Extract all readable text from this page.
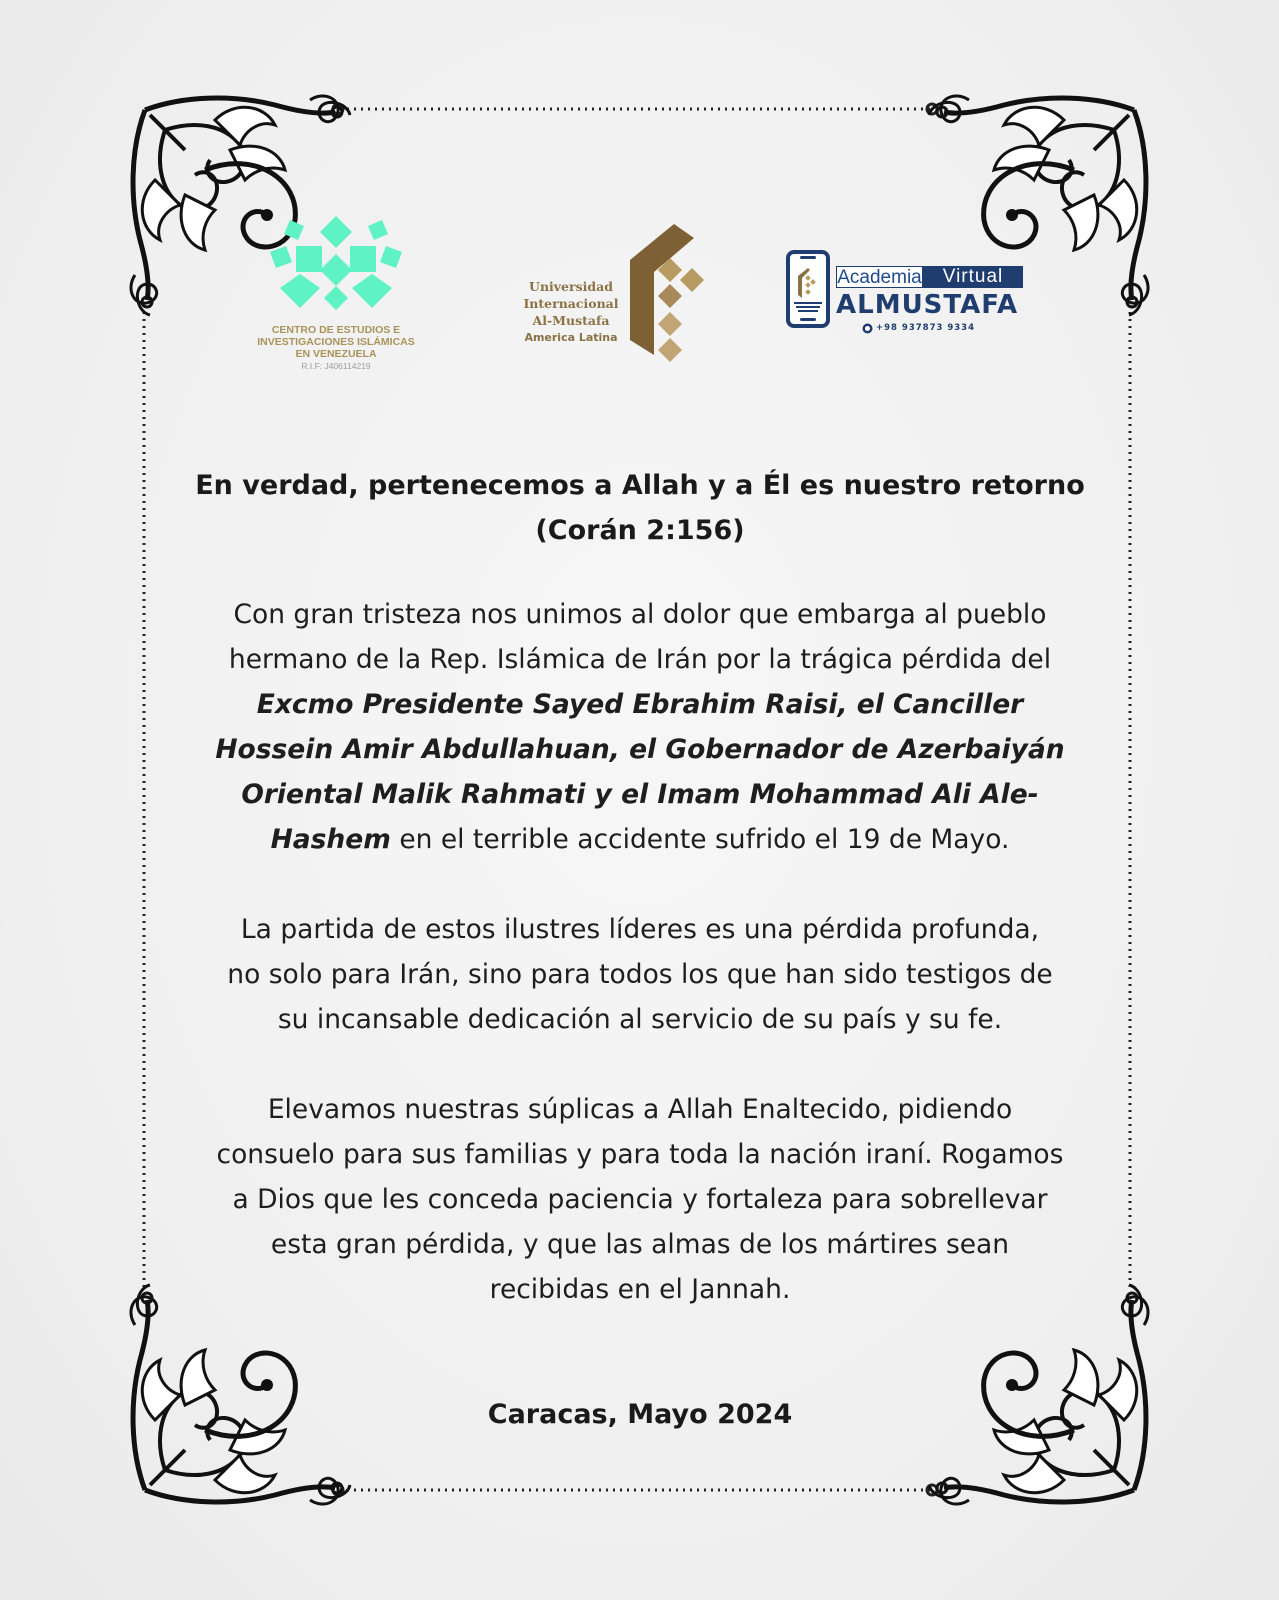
CENTRO DE ESTUDIOS E
INVESTIGACIONES ISLÁMICAS
EN VENEZUELA
R.I.F: J406114219
Universidad
Internacional
Al-Mustafa
America Latina
Academia	Virtual
ALMUSTAFA
+98 937873 9334
En verdad, pertenecemos a Allah y a Él es nuestro retorno
(Corán 2:156)
Con gran tristeza nos unimos al dolor que embarga al pueblo
hermano de la Rep. Islámica de Irán por la trágica pérdida del
Excmo Presidente Sayed Ebrahim Raisi, el Canciller
Hossein Amir Abdullahuan, el Gobernador de Azerbaiyán
Oriental Malik Rahmati y el Imam Mohammad Ali Ale-
Hashem en el terrible accidente sufrido el 19 de Mayo.
La partida de estos ilustres líderes es una pérdida profunda,
no solo para Irán, sino para todos los que han sido testigos de
su incansable dedicación al servicio de su país y su fe.
Elevamos nuestras súplicas a Allah Enaltecido, pidiendo
consuelo para sus familias y para toda la nación iraní. Rogamos
a Dios que les conceda paciencia y fortaleza para sobrellevar
esta gran pérdida, y que las almas de los mártires sean
recibidas en el Jannah.
Caracas, Mayo 2024
